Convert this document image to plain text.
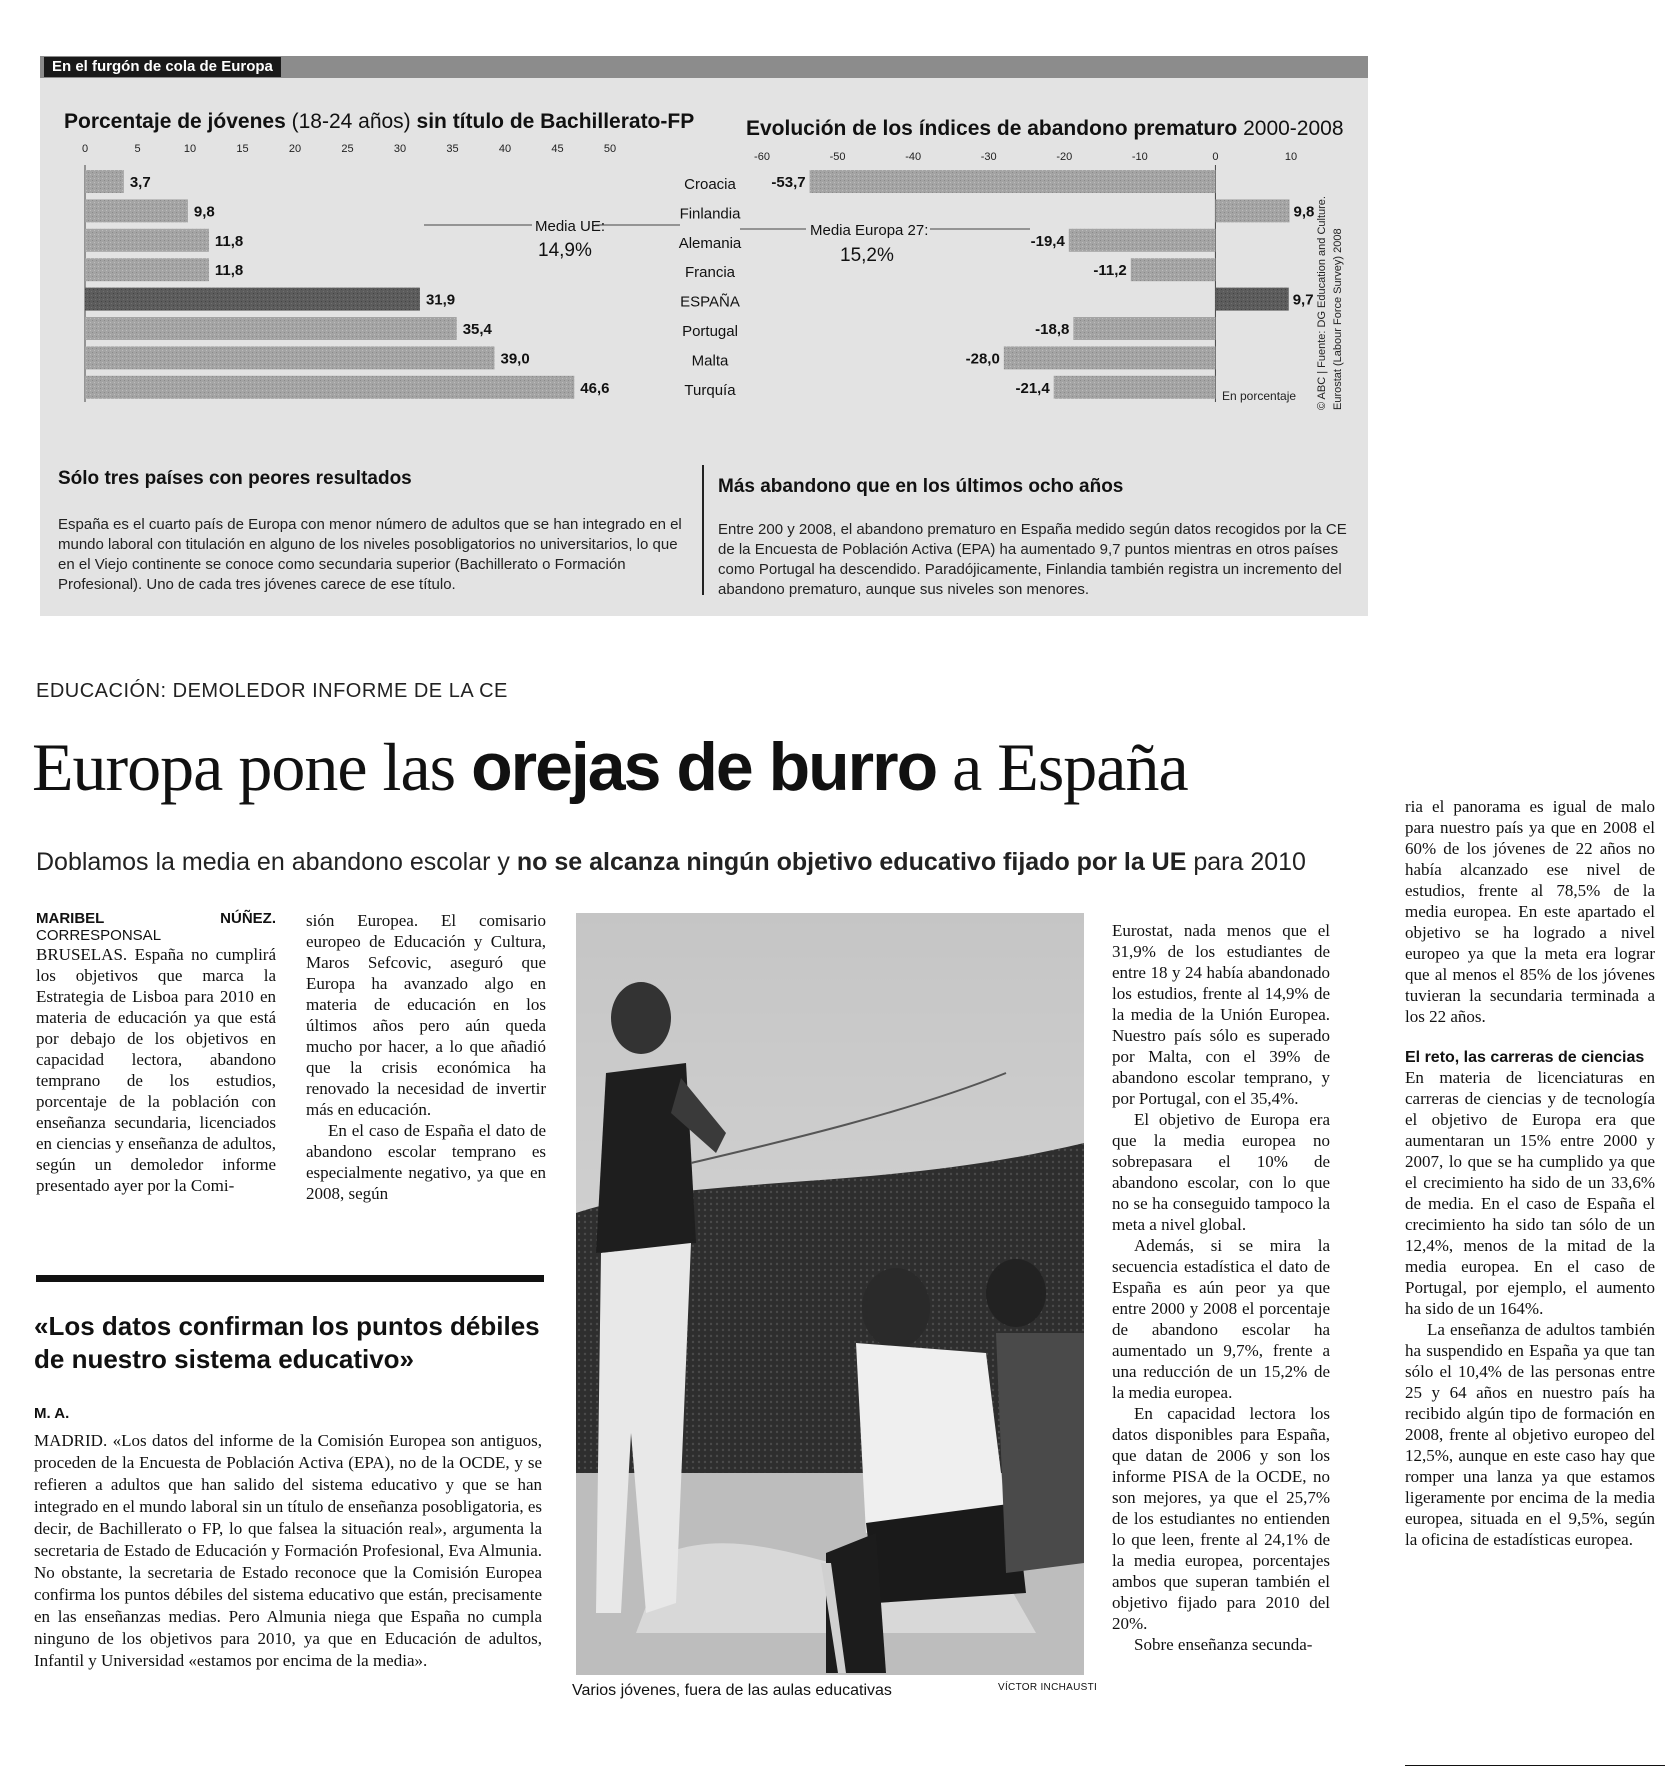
En el furgón de cola de Europa
Porcentaje de jóvenes (18-24 años) sin título de Bachillerato-FP Evolución de los índices de abandono prematuro 2000-2008
0	5	10	15	20	25	30	35	40	45	50
3,7	Croacia
9,8	Finlandia
11,8	Alemania
11,8	Francia
31,9	ESPAÑA
35,4	Portugal
39,0	Malta
46,6	Turquía
-60	-50	-40	-30	-20	-10	0	10
-53,7
9,8
-19,4
-11,2
9,7
-18,8
-28,0
-21,4
Media UE:
14,9%
Media Europa 27:
15,2%
En porcentaje © ABC | Fuente: DG Education and Culture. Eurostat (Labour Force Survey) 2008
Sólo tres países con peores resultados
España es el cuarto país de Europa con menor número de adultos que se han integrado en el mundo laboral con titulación en alguno de los niveles posobligatorios no universitarios, lo que en el Viejo continente se conoce como secundaria superior (Bachillerato o Formación Profesional). Uno de cada tres jóvenes carece de ese título.
Más abandono que en los últimos ocho años
Entre 200 y 2008, el abandono prematuro en España medido según datos recogidos por la CE de la Encuesta de Población Activa (EPA) ha aumentado 9,7 puntos mientras en otros países como Portugal ha descendido. Paradójicamente, Finlandia también registra un incremento del abandono prematuro, aunque sus niveles son menores.
EDUCACIÓN: DEMOLEDOR INFORME DE LA CE
Europa pone las orejas de burro a España
Doblamos la media en abandono escolar y no se alcanza ningún objetivo educativo fijado por la UE para 2010
MARIBEL NÚÑEZ. CORRESPONSAL

BRUSELAS. España no cumplirá los objetivos que marca la Estrategia de Lisboa para 2010 en materia de educación ya que está por debajo de los objetivos en capacidad lectora, abandono temprano de los estudios, porcentaje de la población con enseñanza secundaria, licenciados en ciencias y enseñanza de adultos, según un demoledor informe presentado ayer por la Comi-

sión Europea. El comisario europeo de Educación y Cultura, Maros Sefcovic, aseguró que Europa ha avanzado algo en materia de educación en los últimos años pero aún queda mucho por hacer, a lo que añadió que la crisis económica ha renovado la necesidad de invertir más en educación.

En el caso de España el dato de abandono escolar temprano es especialmente negativo, ya que en 2008, según

Varios jóvenes, fuera de las aulas educativas	VÍCTOR INCHAUSTI

Eurostat, nada menos que el 31,9% de los estudiantes de entre 18 y 24 había abandonado los estudios, frente al 14,9% de la media de la Unión Europea. Nuestro país sólo es superado por Malta, con el 39% de abandono escolar temprano, y por Portugal, con el 35,4%.

El objetivo de Europa era que la media europea no sobrepasara el 10% de abandono escolar, con lo que no se ha conseguido tampoco la meta a nivel global.

Además, si se mira la secuencia estadística el dato de España es aún peor ya que entre 2000 y 2008 el porcentaje de abandono escolar ha aumentado un 9,7%, frente a una reducción de un 15,2% de la media europea.

En capacidad lectora los datos disponibles para España, que datan de 2006 y son los informe PISA de la OCDE, no son mejores, ya que el 25,7% de los estudiantes no entienden lo que leen, frente al 24,1% de la media europea, porcentajes ambos que superan también el objetivo fijado para 2010 del 20%.

Sobre enseñanza secunda-

ria el panorama es igual de malo para nuestro país ya que en 2008 el 60% de los jóvenes de 22 años no había alcanzado ese nivel de estudios, frente al 78,5% de la media europea. En este apartado el objetivo se ha logrado a nivel europeo ya que la meta era lograr que al menos el 85% de los jóvenes tuvieran la secundaria terminada a los 22 años.

El reto, las carreras de ciencias

En materia de licenciaturas en carreras de ciencias y de tecnología el objetivo de Europa era que aumentaran un 15% entre 2000 y 2007, lo que se ha cumplido ya que el crecimiento ha sido de un 33,6% de media. En el caso de España el crecimiento ha sido tan sólo de un 12,4%, menos de la mitad de la media europea. En el caso de Portugal, por ejemplo, el aumento ha sido de un 164%.

La enseñanza de adultos también ha suspendido en España ya que tan sólo el 10,4% de las personas entre 25 y 64 años en nuestro país ha recibido algún tipo de formación en 2008, frente al objetivo europeo del 12,5%, aunque en este caso hay que romper una lanza ya que estamos ligeramente por encima de la media europea, situada en el 9,5%, según la oficina de estadísticas europea.

«Los datos confirman los puntos débiles de nuestro sistema educativo»
M. A.
MADRID. «Los datos del informe de la Comisión Europea son antiguos, proceden de la Encuesta de Población Activa (EPA), no de la OCDE, y se refieren a adultos que han salido del sistema educativo y que se han integrado en el mundo laboral sin un título de enseñanza posobligatoria, es decir, de Bachillerato o FP, lo que falsea la situación real», argumenta la secretaria de Estado de Educación y Formación Profesional, Eva Almunia. No obstante, la secretaria de Estado reconoce que la Comisión Europea confirma los puntos débiles del sistema educativo que están, precisamente en las enseñanzas medias. Pero Almunia niega que España no cumpla ninguno de los objetivos para 2010, ya que en Educación de adultos, Infantil y Universidad «estamos por encima de la media».
